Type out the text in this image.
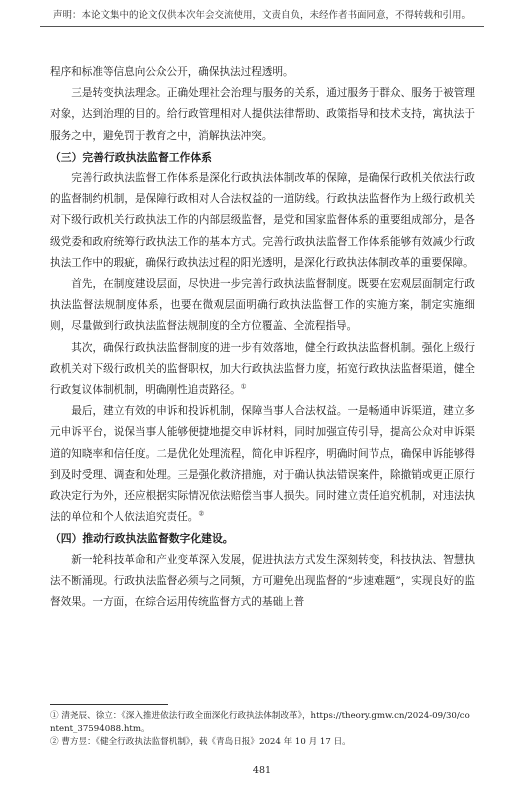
声明：本论文集中的论文仅供本次年会交流使用，文责自负，未经作者书面同意，不得转载和引用。

程序和标准等信息向公众公开，确保执法过程透明。

三是转变执法理念。正确处理社会治理与服务的关系，通过服务于群众、服务于被管理对象，达到治理的目的。给行政管理相对人提供法律帮助、政策指导和技术支持，寓执法于服务之中，避免罚于教育之中，消解执法冲突。

（三）完善行政执法监督工作体系

完善行政执法监督工作体系是深化行政执法体制改革的保障，是确保行政机关依法行政的监督制约机制，是保障行政相对人合法权益的一道防线。行政执法监督作为上级行政机关对下级行政机关行政执法工作的内部层级监督，是党和国家监督体系的重要组成部分，是各级党委和政府统筹行政执法工作的基本方式。完善行政执法监督工作体系能够有效减少行政执法工作中的瑕疵，确保行政执法过程的阳光透明，是深化行政执法体制改革的重要保障。

首先，在制度建设层面，尽快进一步完善行政执法监督制度。既要在宏观层面制定行政执法监督法规制度体系，也要在微观层面明确行政执法监督工作的实施方案，制定实施细则，尽量做到行政执法监督法规制度的全方位覆盖、全流程指导。

其次，确保行政执法监督制度的进一步有效落地，健全行政执法监督机制。强化上级行政机关对下级行政机关的监督职权，加大行政执法监督力度，拓宽行政执法监督渠道，健全行政复议体制机制，明确刚性追责路径。①

最后，建立有效的申诉和投诉机制，保障当事人合法权益。一是畅通申诉渠道，建立多元申诉平台，说保当事人能够便捷地提交申诉材料，同时加强宣传引导，提高公众对申诉渠道的知晓率和信任度。二是优化处理流程，简化申诉程序，明确时间节点，确保申诉能够得到及时受理、调查和处理。三是强化救济措施，对于确认执法错误案件，除撤销或更正原行政决定行为外，还应根据实际情况依法赔偿当事人损失。同时建立责任追究机制，对违法执法的单位和个人依法追究责任。②

（四）推动行政执法监督数字化建设。

新一轮科技革命和产业变革深入发展，促进执法方式发生深刻转变，科技执法、智慧执法不断涌现。行政执法监督必须与之同频，方可避免出现监督的“步速难题”，实现良好的监督效果。一方面，在综合运用传统监督方式的基础上普

① 清尧辰、徐立：《深入推进依法行政全面深化行政执法体制改革》，https://theory.gmw.cn/2024-09/30/content_37594088.htm。

② 曹方昱：《健全行政执法监督机制》，载《青岛日报》2024 年 10 月 17 日。

481
